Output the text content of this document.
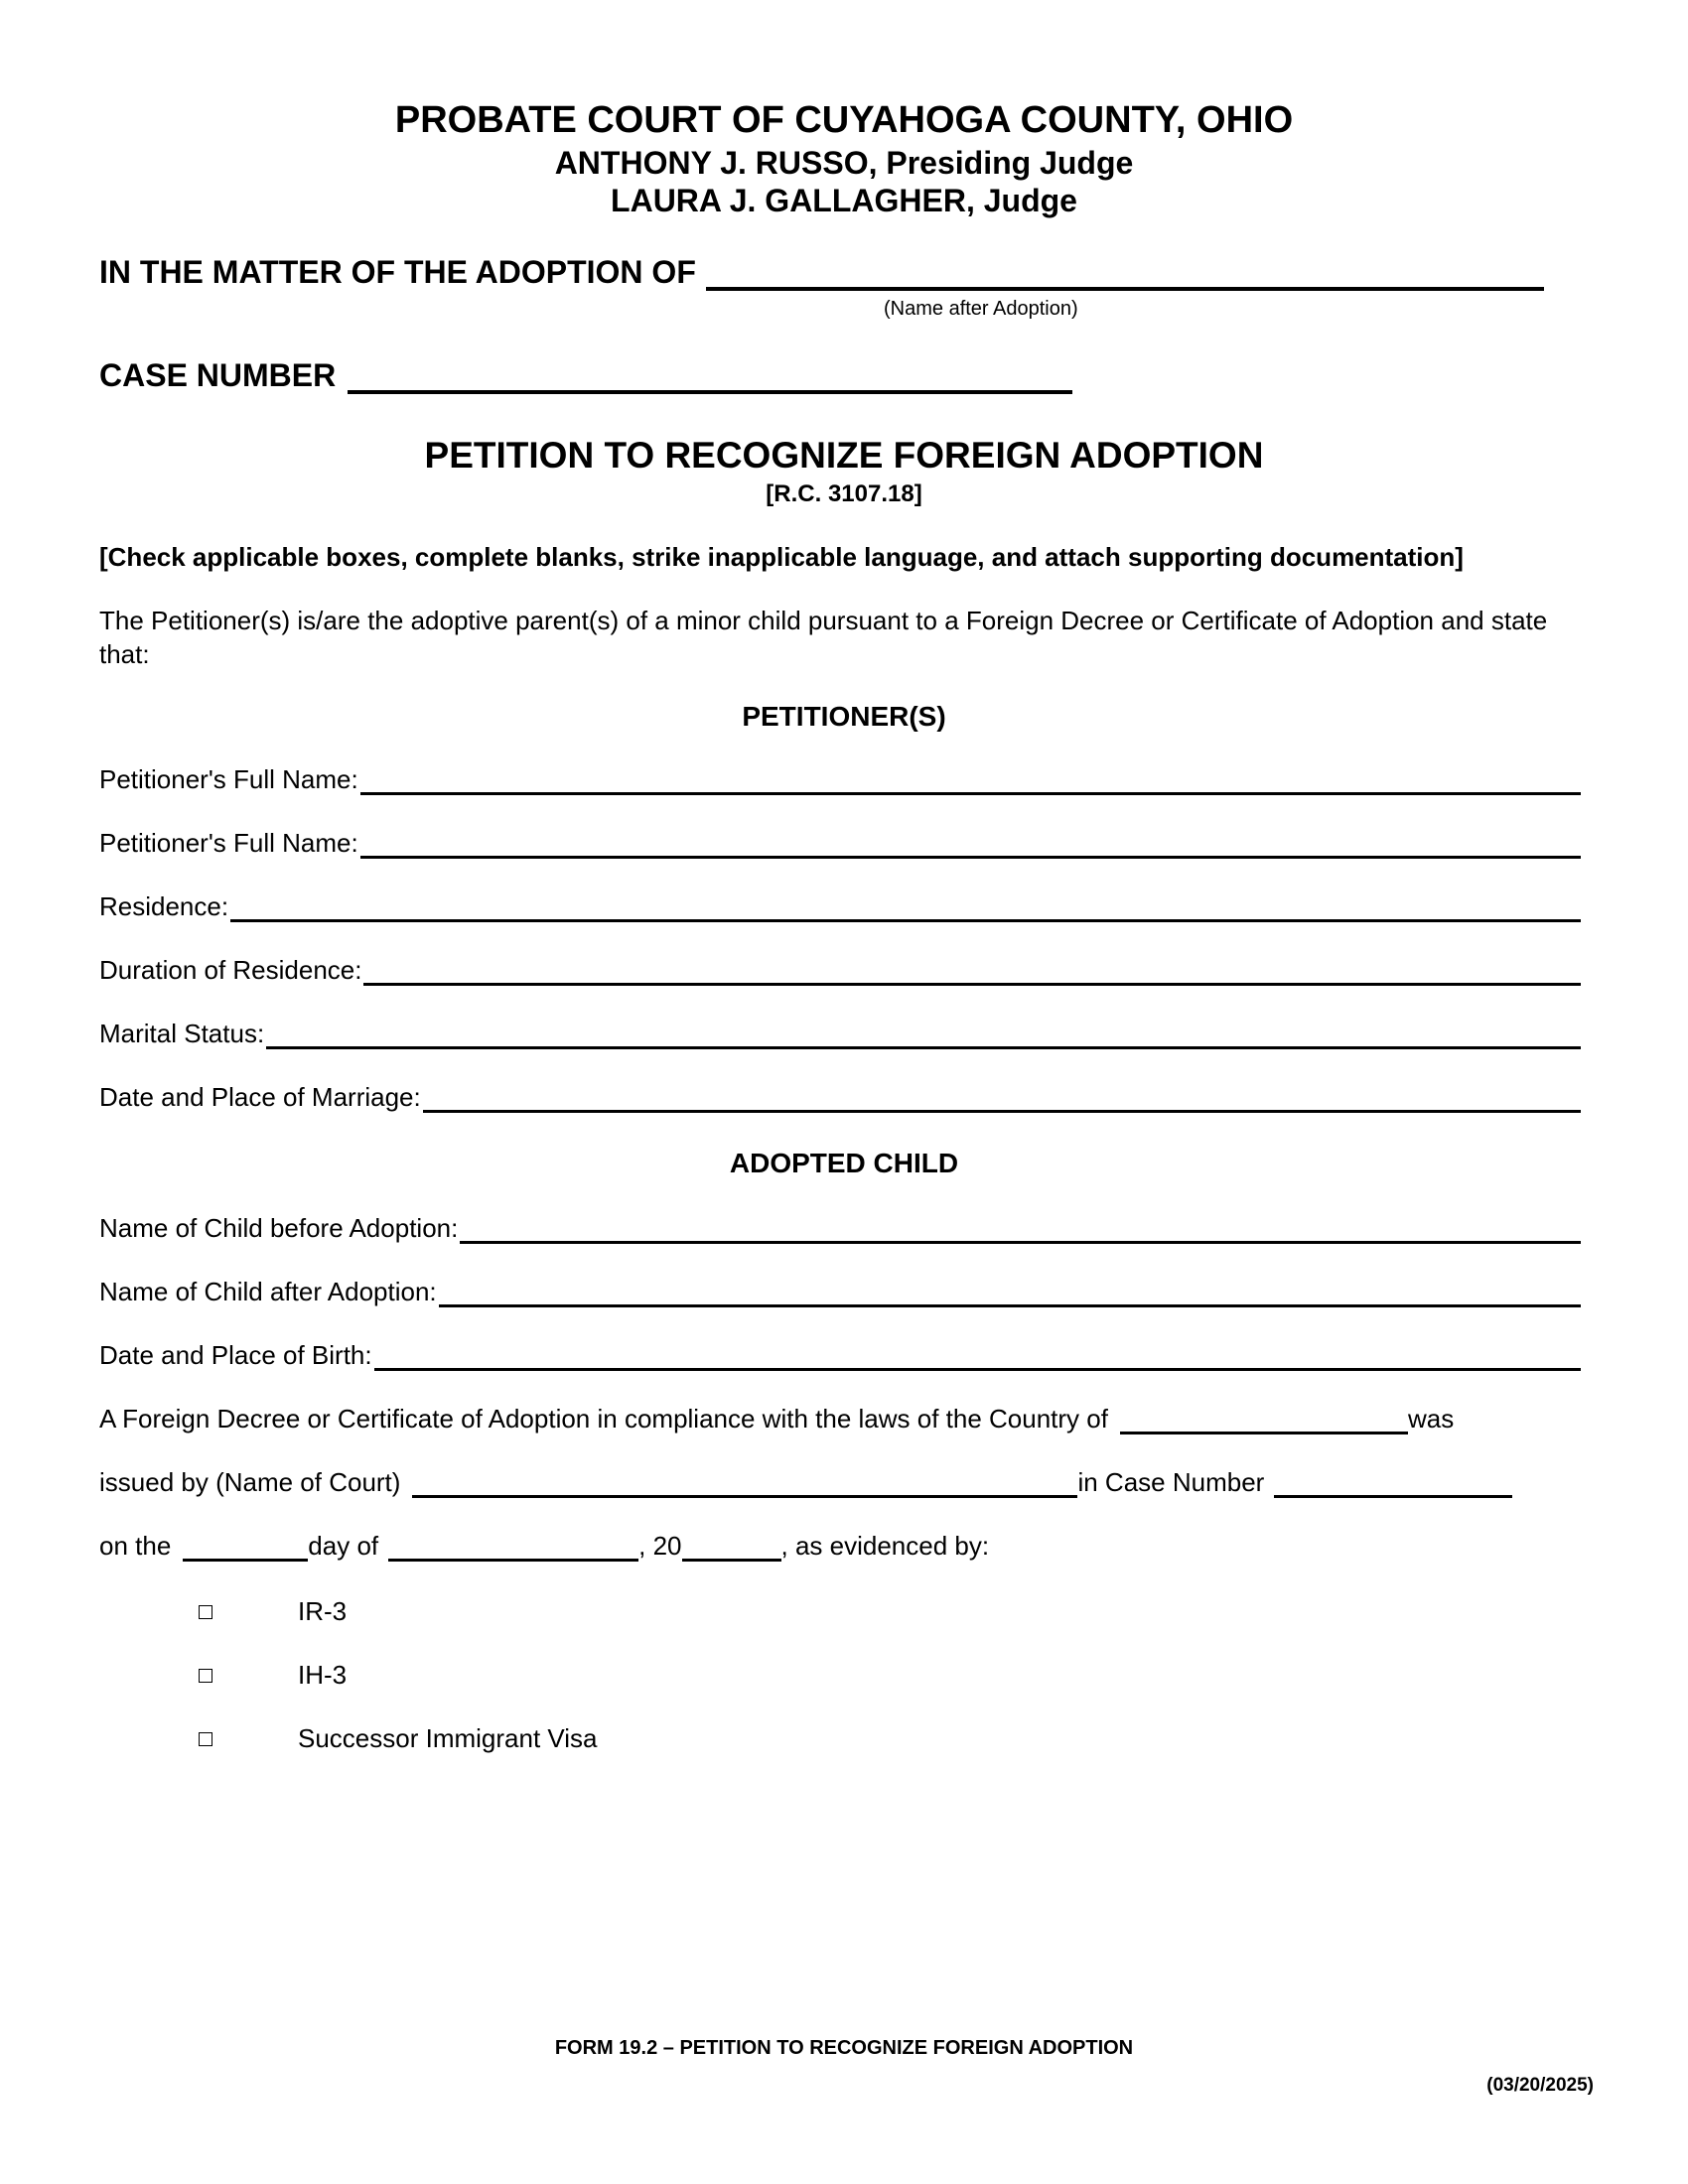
PROBATE COURT OF CUYAHOGA COUNTY, OHIO
ANTHONY J. RUSSO, Presiding Judge
LAURA J. GALLAGHER, Judge
IN THE MATTER OF THE ADOPTION OF
(Name after Adoption)
CASE NUMBER
PETITION TO RECOGNIZE FOREIGN ADOPTION
[R.C. 3107.18]
[Check applicable boxes, complete blanks, strike inapplicable language, and attach supporting documentation]
The Petitioner(s) is/are the adoptive parent(s) of a minor child pursuant to a Foreign Decree or Certificate of Adoption and state that:
PETITIONER(S)
Petitioner's Full Name:
Petitioner's Full Name:
Residence:
Duration of Residence:
Marital Status:
Date and Place of Marriage:
ADOPTED CHILD
Name of Child before Adoption:
Name of Child after Adoption:
Date and Place of Birth:
A Foreign Decree or Certificate of Adoption in compliance with the laws of the Country of	was
issued by (Name of Court)	in Case Number
on the	day of	, 20	, as evidenced by:
IR-3
IH-3
Successor Immigrant Visa
FORM 19.2 – PETITION TO RECOGNIZE FOREIGN ADOPTION
(03/20/2025)
